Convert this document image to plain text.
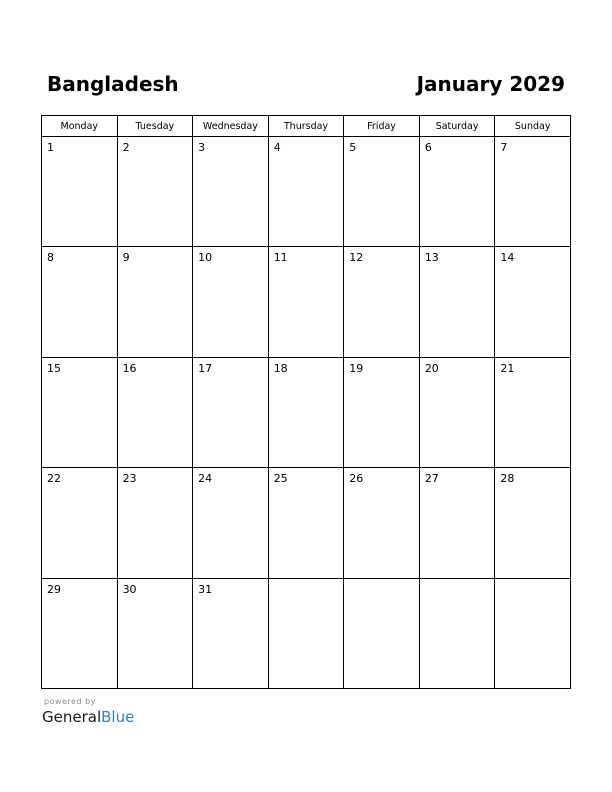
Bangladesh	January 2029
Monday	Tuesday	Wednesday	Thursday	Friday	Saturday	Sunday

1	2	3	4	5	6	7

8	9	10	11	12	13	14

15	16	17	18	19	20	21

22	23	24	25	26	27	28

29	30	31				

powered by
GeneralBlue
